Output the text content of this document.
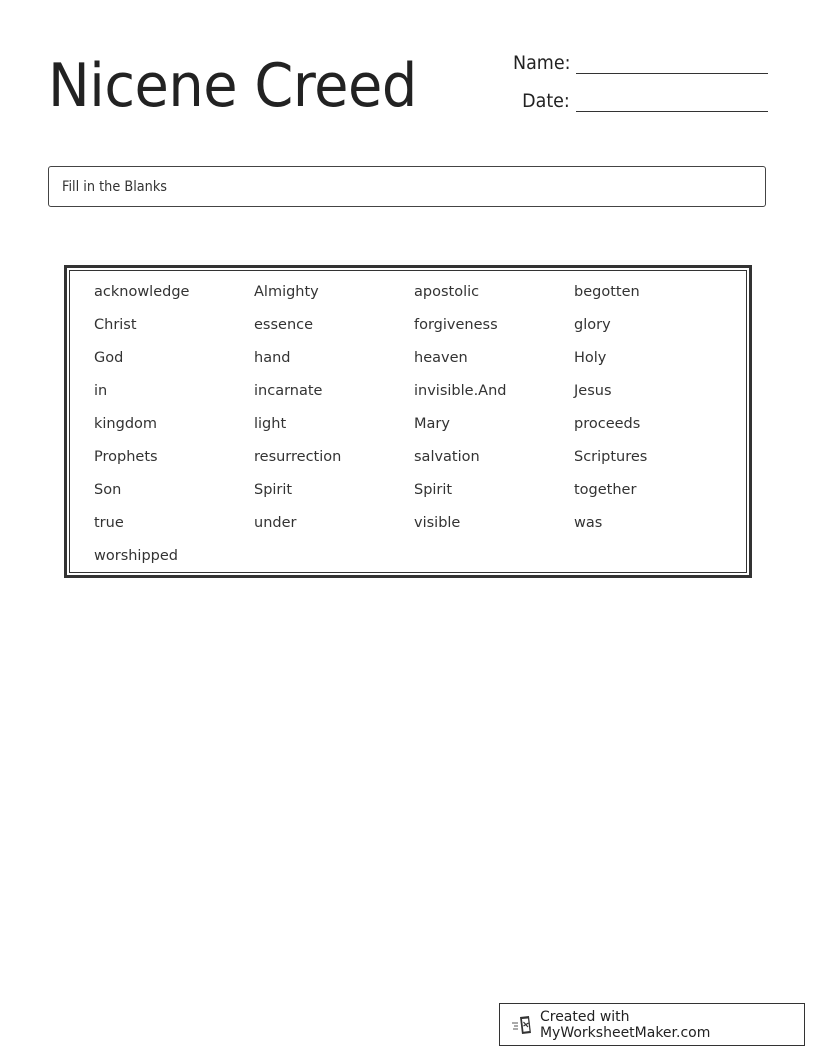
Nicene Creed	Name:
Date:
Fill in the Blanks
acknowledge	Almighty	apostolic	begotten
Christ	essence	forgiveness	glory
God	hand	heaven	Holy
in	incarnate	invisible.And	Jesus
kingdom	light	Mary	proceeds
Prophets	resurrection	salvation	Scriptures
Son	Spirit	Spirit	together
true	under	visible	was
worshipped
Created with MyWorksheetMaker.com
